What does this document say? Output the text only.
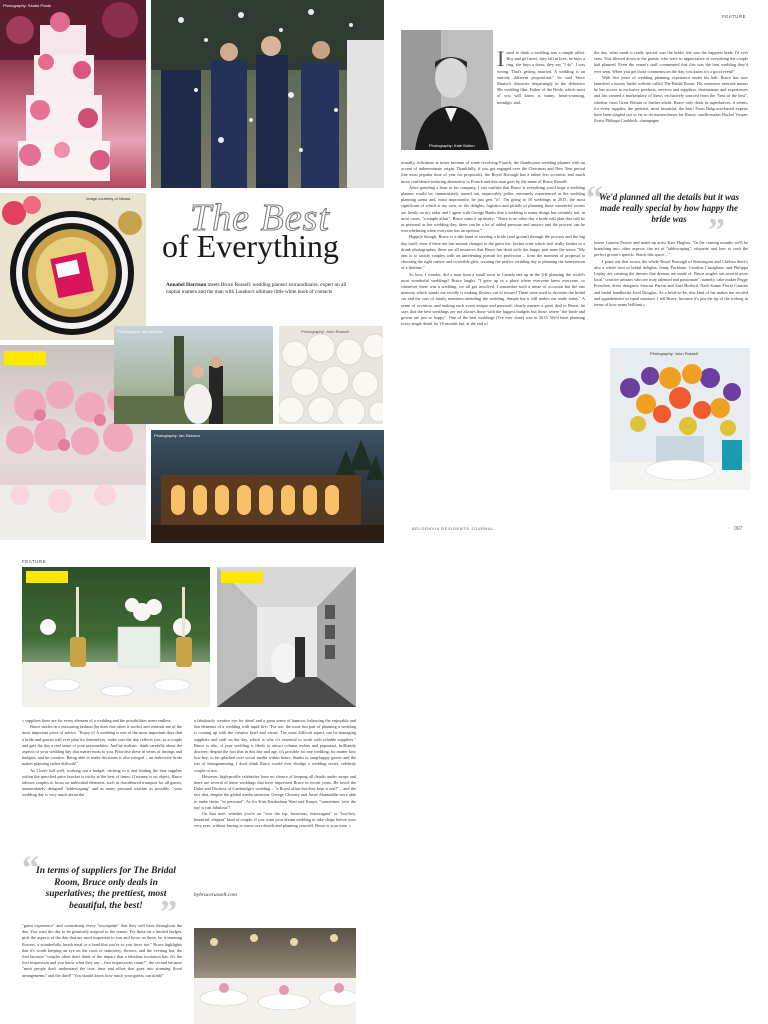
Photography: Studio Prado
Image courtesy of Nessa
Photography: Ian Dickson	Photography: John Russell
Photography: Ian Dickson
The Best
of Everything
Annabel Harrison meets Bruce Russell: wedding planner extraordinaire, expert on all nuptial matters and the man with London's ultimate little white book of contacts
Photography: Kate Bolton
FEATURE
I used to think a wedding was a simple affair. Boy and girl meet, they fall in love, he buys a ring, she buys a dress; they say "I do". I was wrong. That's getting married. A wedding is an entirely different proposition." So said Steve Martin's character despairingly in the definitive 90s wedding film, Father of the Bride, which most of you will know is funny, heart-warming, nostalgic and,

actually, ridiculous at times because of some revolving Franck, the flamboyant wedding planner with an accent of indeterminate origin. Thankfully, if you get engaged over the Christmas and New Year period (the most popular time of year for proposals), the Royal Borough has a rather less eccentric and much more confidence-inducing alternative to Franck and this man goes by the name of Bruce Russell.

After spending a hour in his company, I can confirm that Bruce is everything you'd hope a wedding planner would be; immaculately turned out, impeccably polite, extremely experienced in the wedding planning arena and, most importantly, he just gets "it". I'm going to 10 weddings in 2015, the most significant of which is my own, so the delights, logistics and pitfalls of planning these wonderful events are firmly on my radar and I agree with George Banks that a wedding is many things but certainly not, in most cases, "a simple affair". Bruce sums it up neatly: "There is no other day a bride will plan that will be as personal as her wedding day; there can be a lot of added pressure and anxiety and the process can be overwhelming when everyone has an opinion."

Happily though, Bruce is a dab hand at steering a bride (and groom) through the process and the big day itself, even if there are last-minute changes to the guest list, kosher wine which isn't really kosher or a drunk photographer; these are all instances that Bruce has dealt with, the happy pair none the wiser. "My aim is to satisfy couples with an unrelenting pursuit for perfection – from the moment of proposal to choosing the right caterer and covetable gifts, creating the perfect wedding day to planning the honeymoon of a lifetime."

So how, I wonder, did a man from a small town in Canada end up in the UK planning the world's most wonderful weddings? Bruce laughs. "I grew up in a place where everyone knew everyone, so whenever there was a wedding, we all got involved. I remember such a sense of occasion but the one memory which stands out vividly is making flowers out of tissues! These were used to decorate the bridal car and the cars of family members attending the wedding. Simple but it still makes me smile today." A sense of occasion, and making each event unique and personal, clearly matters a great deal to Bruce; he says that the best weddings are not always those with the biggest budgets but those where "the bride and groom are just so happy". One of the best weddings (I've ever done) was in 2013. We'd been planning every single detail for 18 months but, at the end of

the day, what made it really special was the bride; she was the happiest bride I'd ever seen. This filtered down to the guests, who were so appreciative of everything the couple had planned. Even the venue's staff commented that this was the best wedding they'd ever seen. When you get those comments on the day, you know it's a good event!"

With five years of wedding planning experience under his belt, Bruce has now launched a luxury bridal website called The Bridal Room. His extensive network means he has access to exclusive products, services and suppliers, destinations and experiences and has created a marketplace of these, exclusively sourced from the "best of the best", whether from Great Britain or further afield. Bruce only deals in superlatives, it seems, for every supplier, the prettiest, most beautiful, the best! From Belgravia-based experts have been singled out so far to do masterclasses for Bruce; candle-maker Rachel Vosper, florist Philippa Craddock, champagne

“
We'd planned all the details but it was made really special by how happy the bride was ”

house Laurent Perrier and make-up artist Kate Hughes. "In the coming months we'll be branching into other aspects, the art of "tablescaping", etiquette and how to craft the perfect groom's speech. Watch this space…"

I point out that across the whole Royal Borough of Kensington and Chelsea there's also a whole host of bridal delights; Jenny Packham, Caroline Castigliano and Philippa Lepley are creating the dresses that dreams are made of. Bruce singles out several more local "creative artisans who are truly talented and passionate"; namely, cake maker Peggy Porschen, dress designers Stewart Parvin and Suzi Holford, Nadi Sonne Floral Couture and bridal handbooks Jorel Douglas. As a bride-to-be, this kind of list makes me excited and apprehensive in equal measure. I tell Bruce, because it's just the tip of the iceberg in terms of how many brilliant »

Photography: John Russell
BELGRAVIA RESIDENTS JOURNAL	007
FEATURE

» suppliers there are for every element of a wedding and the possibilities seem endless.

Bruce smiles in a reassuring fashion (he does this often it works) and reminds me of the most important piece of advice. "Enjoy it! A wedding is one of the most important days that a bride and groom will ever plan for themselves, make sure the day reflects you, as a couple and gets the day a real sense of your personalities. And be realistic, think carefully about the aspects of your wedding day that matter most to you. Prioritise these in terms of timings and budgets, and be creative. Being able to make decisions is also integral – an indecisive bride makes planning rather difficult!"

As I have full well, working out a budget, sticking to it and finding the best supplier within the specified price bracket is tricky at the best of times. If money is no object, Bruce advises couples to focus on individual elements, such as chauffeured transport for all guests, immaculately designed "tablescaping" and as many personal touches as possible. "your wedding day is very much about the

“
In terms of suppliers for The Bridal Room, Bruce only deals in superlatives; the prettiest, most beautiful, the best! ”

"guest experience" and considering every "touchpoint" that they will have throughout the day. You want the day to be genuinely magical to the senses. For those on a limited budget, pick the aspects of the day that are most important to you and focus on those, be it stunning flowers, a wonderfully lavish meal or a band that you're so you favor too." Bruce highlights that it's worth keeping an eye on the costs of stationery, flowers, and the evening bar, the first because "couples often don't think of the impact that a fabulous invitation has. It's the first impression and you know what they say – first impressions count!"; the second because "most people don't understand the cost; time and effort that goes into stunning floral arrangements" and the third! "You should know how much your guests can drink!"

a fabulously creative eye for detail and a great sense of humour, balancing the enjoyable and fun elements of a wedding with rapid fire: "For me, the most fun part of planning a wedding is coming up with the creative brief and visual. The most difficult aspect can be managing suppliers and staff on the day, which is why it's essential to work with reliable suppliers." Bruce is also, if your wedding is likely to attract column inches and paparazzi, brilliantly discreet; despite the fact that in this day and age, it's possible for any wedding, no matter how low-key, to be splashed over social media within hours, thanks to snap-happy guests and the rise of Instagramming, I don't think Bruce would ever divulge a wedding secret, celebrity couple or not.

However, high-profile celebrities have no chance of keeping all details under wraps and there are several of these weddings that have impressed Bruce in recent years. He loved the Duke and Duchess of Cambridge's wedding – "a Royal affair but they kept it real!" – and the fact that, despite the global media attention, George Clooney and Amal Alamuddin were able to make theirs "so personal". As for Kim Kardashian West and Kanye, "sometimes 'over the top' is just fabulous"!

On that note, whether you're an "over the top, luxurious, extravagant" or "low-key, beautiful, elegant" kind of couple, if you want your dream wedding to take shape before your very eyes, without having to stress over details and planning yourself, Bruce is your man. «

bybrucerussell.com
